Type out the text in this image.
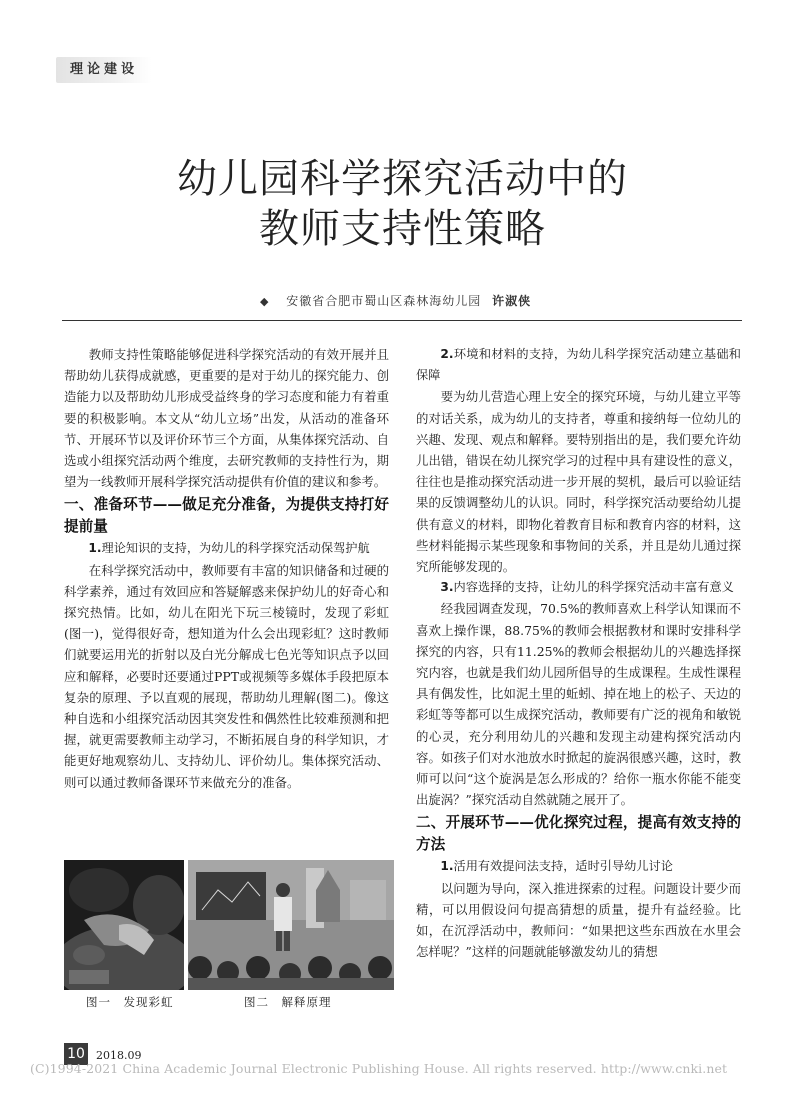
理论建设
幼儿园科学探究活动中的
教师支持性策略
◆ 安徽省合肥市蜀山区森林海幼儿园 许淑侠

教师支持性策略能够促进科学探究活动的有效开展并且帮助幼儿获得成就感，更重要的是对于幼儿的探究能力、创造能力以及帮助幼儿形成受益终身的学习态度和能力有着重要的积极影响。本文从“幼儿立场”出发，从活动的准备环节、开展环节以及评价环节三个方面，从集体探究活动、自选或小组探究活动两个维度，去研究教师的支持性行为，期望为一线教师开展科学探究活动提供有价值的建议和参考。

一、准备环节——做足充分准备，为提供支持打好提前量

1.理论知识的支持，为幼儿的科学探究活动保驾护航

在科学探究活动中，教师要有丰富的知识储备和过硬的科学素养，通过有效回应和答疑解惑来保护幼儿的好奇心和探究热情。比如，幼儿在阳光下玩三棱镜时，发现了彩虹(图一)，觉得很好奇，想知道为什么会出现彩虹？这时教师们就要运用光的折射以及白光分解成七色光等知识点予以回应和解释，必要时还要通过PPT或视频等多媒体手段把原本复杂的原理、予以直观的展现，帮助幼儿理解(图二)。像这种自选和小组探究活动因其突发性和偶然性比较难预测和把握，就更需要教师主动学习，不断拓展自身的科学知识，才能更好地观察幼儿、支持幼儿、评价幼儿。集体探究活动、则可以通过教师备课环节来做充分的准备。

图一　发现彩虹	图二　解释原理

2.环境和材料的支持，为幼儿科学探究活动建立基础和保障

要为幼儿营造心理上安全的探究环境，与幼儿建立平等的对话关系，成为幼儿的支持者，尊重和接纳每一位幼儿的兴趣、发现、观点和解释。要特别指出的是，我们要允许幼儿出错，错误在幼儿探究学习的过程中具有建设性的意义，往往也是推动探究活动进一步开展的契机，最后可以验证结果的反馈调整幼儿的认识。同时，科学探究活动要给幼儿提供有意义的材料，即物化着教育目标和教育内容的材料，这些材料能揭示某些现象和事物间的关系，并且是幼儿通过探究所能够发现的。

3.内容选择的支持，让幼儿的科学探究活动丰富有意义

经我园调查发现，70.5%的教师喜欢上科学认知课而不喜欢上操作课，88.75%的教师会根据教材和课时安排科学探究的内容，只有11.25%的教师会根据幼儿的兴趣选择探究内容，也就是我们幼儿园所倡导的生成课程。生成性课程具有偶发性，比如泥土里的蚯蚓、掉在地上的松子、天边的彩虹等等都可以生成探究活动，教师要有广泛的视角和敏锐的心灵，充分利用幼儿的兴趣和发现主动建构探究活动内容。如孩子们对水池放水时掀起的旋涡很感兴趣，这时，教师可以问“这个旋涡是怎么形成的？给你一瓶水你能不能变出旋涡？”探究活动自然就随之展开了。

二、开展环节——优化探究过程，提高有效支持的方法

1.活用有效提问法支持，适时引导幼儿讨论

以问题为导向，深入推进探索的过程。问题设计要少而精，可以用假设问句提高猜想的质量，提升有益经验。比如，在沉浮活动中，教师问：“如果把这些东西放在水里会怎样呢？”这样的问题就能够激发幼儿的猜想

10 2018.09
(C)1994-2021 China Academic Journal Electronic Publishing House. All rights reserved. http://www.cnki.net
